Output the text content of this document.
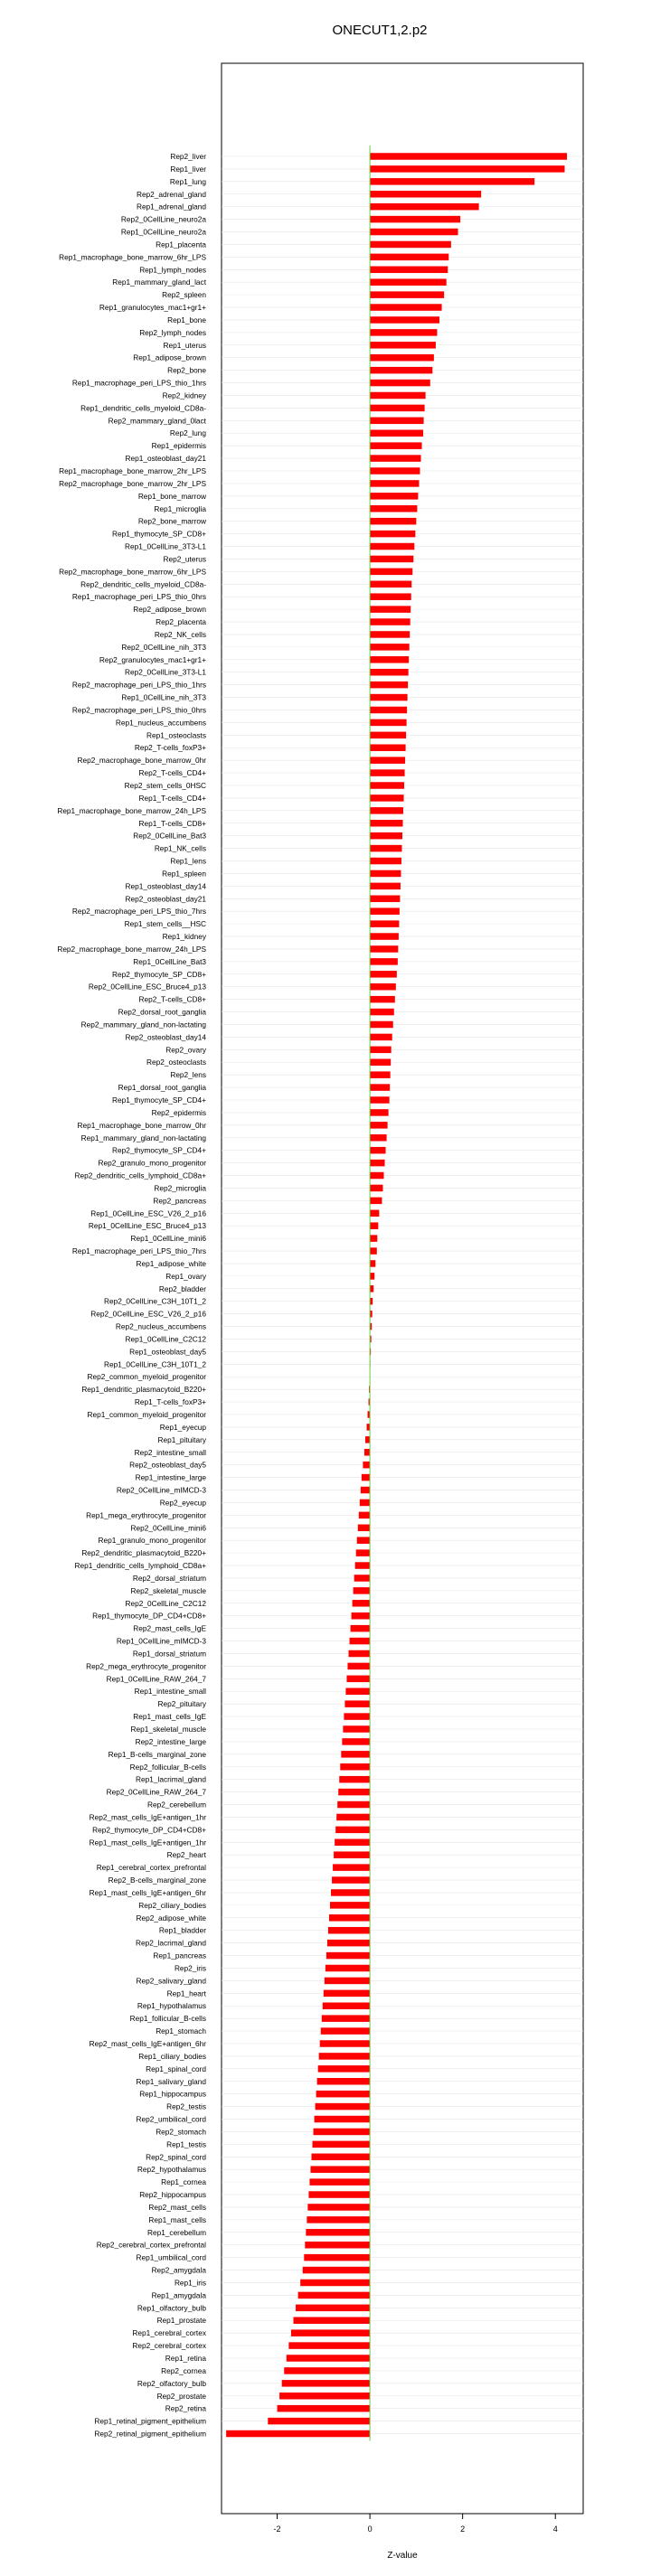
ONECUT1,2.p2
Rep2_liver
Rep1_liver
Rep1_lung
Rep2_adrenal_gland
Rep1_adrenal_gland
Rep2_0CellLine_neuro2a
Rep1_0CellLine_neuro2a
Rep1_placenta
Rep1_macrophage_bone_marrow_6hr_LPS
Rep1_lymph_nodes
Rep1_mammary_gland_lact
Rep2_spleen
Rep1_granulocytes_mac1+gr1+
Rep1_bone
Rep2_lymph_nodes
Rep1_uterus
Rep1_adipose_brown
Rep2_bone
Rep1_macrophage_peri_LPS_thio_1hrs
Rep2_kidney
Rep1_dendritic_cells_myeloid_CD8a-
Rep2_mammary_gland_0lact
Rep2_lung
Rep1_epidermis
Rep1_osteoblast_day21
Rep1_macrophage_bone_marrow_2hr_LPS
Rep2_macrophage_bone_marrow_2hr_LPS
Rep1_bone_marrow
Rep1_microglia
Rep2_bone_marrow
Rep1_thymocyte_SP_CD8+
Rep1_0CellLine_3T3-L1
Rep2_uterus
Rep2_macrophage_bone_marrow_6hr_LPS
Rep2_dendritic_cells_myeloid_CD8a-
Rep1_macrophage_peri_LPS_thio_0hrs
Rep2_adipose_brown
Rep2_placenta
Rep2_NK_cells
Rep2_0CellLine_nih_3T3
Rep2_granulocytes_mac1+gr1+
Rep2_0CellLine_3T3-L1
Rep2_macrophage_peri_LPS_thio_1hrs
Rep1_0CellLine_nih_3T3
Rep2_macrophage_peri_LPS_thio_0hrs
Rep1_nucleus_accumbens
Rep1_osteoclasts
Rep2_T-cells_foxP3+
Rep2_macrophage_bone_marrow_0hr
Rep2_T-cells_CD4+
Rep2_stem_cells_0HSC
Rep1_T-cells_CD4+
Rep1_macrophage_bone_marrow_24h_LPS
Rep1_T-cells_CD8+
Rep2_0CellLine_Bat3
Rep1_NK_cells
Rep1_lens
Rep1_spleen
Rep1_osteoblast_day14
Rep2_osteoblast_day21
Rep2_macrophage_peri_LPS_thio_7hrs
Rep1_stem_cells__HSC
Rep1_kidney
Rep2_macrophage_bone_marrow_24h_LPS
Rep1_0CellLine_Bat3
Rep2_thymocyte_SP_CD8+
Rep2_0CellLine_ESC_Bruce4_p13
Rep2_T-cells_CD8+
Rep2_dorsal_root_ganglia
Rep2_mammary_gland_non-lactating
Rep2_osteoblast_day14
Rep2_ovary
Rep2_osteoclasts
Rep2_lens
Rep1_dorsal_root_ganglia
Rep1_thymocyte_SP_CD4+
Rep2_epidermis
Rep1_macrophage_bone_marrow_0hr
Rep1_mammary_gland_non-lactating
Rep2_thymocyte_SP_CD4+
Rep2_granulo_mono_progenitor
Rep2_dendritic_cells_lymphoid_CD8a+
Rep2_microglia
Rep2_pancreas
Rep1_0CellLine_ESC_V26_2_p16
Rep1_0CellLine_ESC_Bruce4_p13
Rep1_0CellLine_mini6
Rep1_macrophage_peri_LPS_thio_7hrs
Rep1_adipose_white
Rep1_ovary
Rep2_bladder
Rep2_0CellLine_C3H_10T1_2
Rep2_0CellLine_ESC_V26_2_p16
Rep2_nucleus_accumbens
Rep1_0CellLine_C2C12
Rep1_osteoblast_day5
Rep1_0CellLine_C3H_10T1_2
Rep2_common_myeloid_progenitor
Rep1_dendritic_plasmacytoid_B220+
Rep1_T-cells_foxP3+
Rep1_common_myeloid_progenitor
Rep1_eyecup
Rep1_pituitary
Rep2_intestine_small
Rep2_osteoblast_day5
Rep1_intestine_large
Rep2_0CellLine_mIMCD-3
Rep2_eyecup
Rep1_mega_erythrocyte_progenitor
Rep2_0CellLine_mini6
Rep1_granulo_mono_progenitor
Rep2_dendritic_plasmacytoid_B220+
Rep1_dendritic_cells_lymphoid_CD8a+
Rep2_dorsal_striatum
Rep2_skeletal_muscle
Rep2_0CellLine_C2C12
Rep1_thymocyte_DP_CD4+CD8+
Rep2_mast_cells_IgE
Rep1_0CellLine_mIMCD-3
Rep1_dorsal_striatum
Rep2_mega_erythrocyte_progenitor
Rep1_0CellLine_RAW_264_7
Rep1_intestine_small
Rep2_pituitary
Rep1_mast_cells_IgE
Rep1_skeletal_muscle
Rep2_intestine_large
Rep1_B-cells_marginal_zone
Rep2_follicular_B-cells
Rep1_lacrimal_gland
Rep2_0CellLine_RAW_264_7
Rep2_cerebellum
Rep2_mast_cells_IgE+antigen_1hr
Rep2_thymocyte_DP_CD4+CD8+
Rep1_mast_cells_IgE+antigen_1hr
Rep2_heart
Rep1_cerebral_cortex_prefrontal
Rep2_B-cells_marginal_zone
Rep1_mast_cells_IgE+antigen_6hr
Rep2_ciliary_bodies
Rep2_adipose_white
Rep1_bladder
Rep2_lacrimal_gland
Rep1_pancreas
Rep2_iris
Rep2_salivary_gland
Rep1_heart
Rep1_hypothalamus
Rep1_follicular_B-cells
Rep1_stomach
Rep2_mast_cells_IgE+antigen_6hr
Rep1_ciliary_bodies
Rep1_spinal_cord
Rep1_salivary_gland
Rep1_hippocampus
Rep2_testis
Rep2_umbilical_cord
Rep2_stomach
Rep1_testis
Rep2_spinal_cord
Rep2_hypothalamus
Rep1_cornea
Rep2_hippocampus
Rep2_mast_cells
Rep1_mast_cells
Rep1_cerebellum
Rep2_cerebral_cortex_prefrontal
Rep1_umbilical_cord
Rep2_amygdala
Rep1_iris
Rep1_amygdala
Rep1_olfactory_bulb
Rep1_prostate
Rep1_cerebral_cortex
Rep2_cerebral_cortex
Rep1_retina
Rep2_cornea
Rep2_olfactory_bulb
Rep2_prostate
Rep2_retina
Rep1_retinal_pigment_epithelium
Rep2_retinal_pigment_epithelium
-2	0	2	4
Z-value
